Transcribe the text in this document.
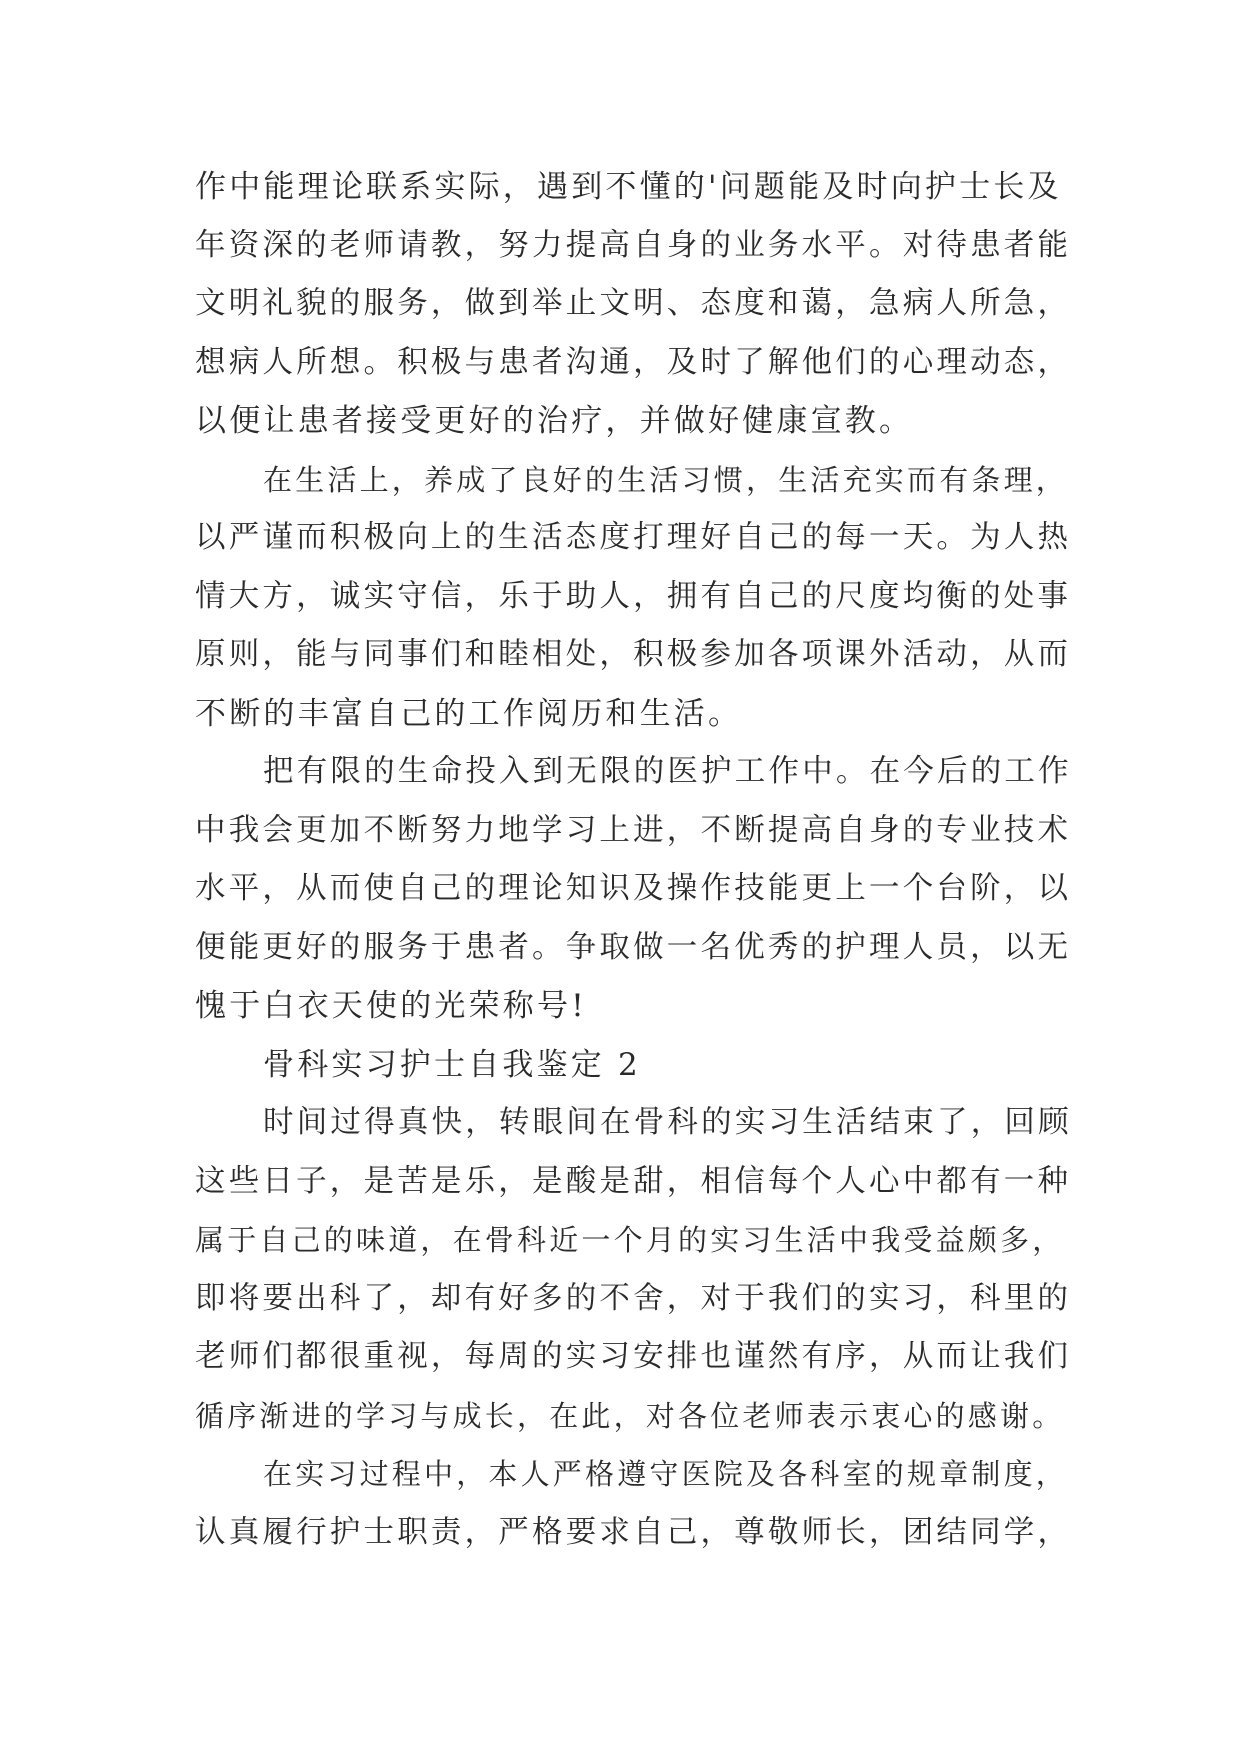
作中能理论联系实际，遇到不懂的'问题能及时向护士长及
年资深的老师请教，努力提高自身的业务水平。对待患者能
文明礼貌的服务，做到举止文明、态度和蔼，急病人所急，
想病人所想。积极与患者沟通，及时了解他们的心理动态，
以便让患者接受更好的治疗，并做好健康宣教。
在生活上，养成了良好的生活习惯，生活充实而有条理，
以严谨而积极向上的生活态度打理好自己的每一天。为人热
情大方，诚实守信，乐于助人，拥有自己的尺度均衡的处事
原则，能与同事们和睦相处，积极参加各项课外活动，从而
不断的丰富自己的工作阅历和生活。
把有限的生命投入到无限的医护工作中。在今后的工作
中我会更加不断努力地学习上进，不断提高自身的专业技术
水平，从而使自己的理论知识及操作技能更上一个台阶，以
便能更好的服务于患者。争取做一名优秀的护理人员，以无
愧于白衣天使的光荣称号!
骨科实习护士自我鉴定 2
时间过得真快，转眼间在骨科的实习生活结束了，回顾
这些日子，是苦是乐，是酸是甜，相信每个人心中都有一种
属于自己的味道，在骨科近一个月的实习生活中我受益颇多，
即将要出科了，却有好多的不舍，对于我们的实习，科里的
老师们都很重视，每周的实习安排也谨然有序，从而让我们
循序渐进的学习与成长，在此，对各位老师表示衷心的感谢。
在实习过程中，本人严格遵守医院及各科室的规章制度，
认真履行护士职责，严格要求自己，尊敬师长，团结同学，
